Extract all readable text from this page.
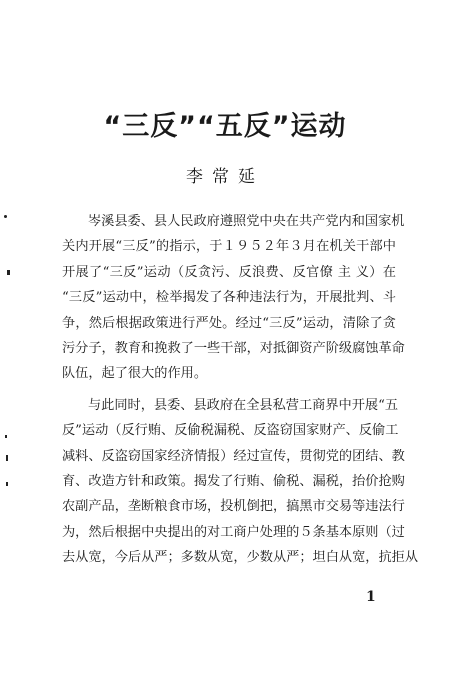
“三反”“五反”运动

李常延

岑溪县委、县人民政府遵照党中央在共产党内和国家机
关内开展“三反”的指示，于１９５２年３月在机关干部中
开展了“三反”运动（反贪污、反浪费、反官僚 主 义）在
“三反”运动中，检举揭发了各种违法行为，开展批判、斗
争，然后根据政策进行严处。经过“三反”运动，清除了贪
污分子，教育和挽救了一些干部，对抵御资产阶级腐蚀革命
队伍，起了很大的作用。
与此同时，县委、县政府在全县私营工商界中开展“五
反”运动（反行贿、反偷税漏税、反盗窃国家财产、反偷工
减料、反盗窃国家经济情报）经过宣传，贯彻党的团结、教
育、改造方针和政策。揭发了行贿、偷税、漏税，抬价抢购
农副产品，垄断粮食市场，投机倒把，搞黑市交易等违法行
为，然后根据中央提出的对工商户处理的５条基本原则（过
去从宽，今后从严；多数从宽，少数从严；坦白从宽，抗拒从
1
